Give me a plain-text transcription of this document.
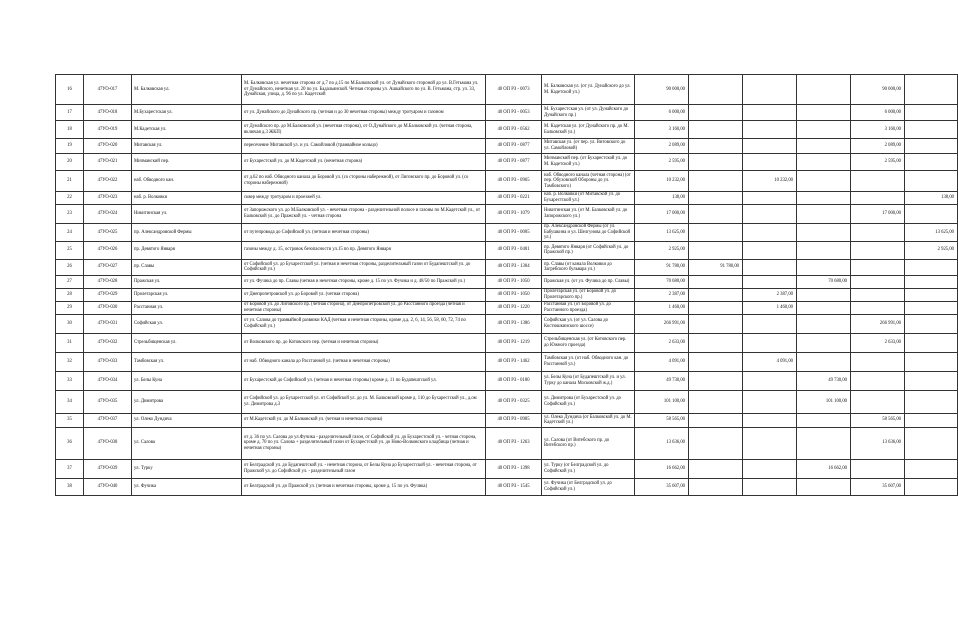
16	47УО-017	М. Балковская ул.	М. Балковская ул. нечетная сторона от д.7 по д.15 по М.Балковской ул. от Дунайского стороной до ул. В.Гетьмана ул. от Дунайского, нечетная ул. 20 по ул. Бадальянской. Четная стороны ул. Ашкайского по ул. В. Гетьмана, стр. ул. 33, Дунайская, улица, д. 96 по ул. Кадетской	40 ОП РЗ - 0073	М. Балковская ул. (от ул. Дунайского до ул. М. Кадетской ул.)	90 000,00				90 000,00	
17	47УО-018	М.Бухарестская ул.	от ул. Дунайского до Дунайского пр. (четная и до 30 нечетная стороны) между тротуаром и газоном	40 ОП РЗ - 0053	М. Бухарестская ул. (от ул. Дунайского до Дунайского пр.)	6 000,00				6 000,00	
18	47УО-019	М.Кадетская ул.	от Дунайского пр. до М.Балковской ул. (нечетная сторона), от О.Дунайского до М.Балковской ул. (четная сторона, включая д.3 ЖКП)	40 ОП РЗ - 0562	М. Кадетская ул. (от Дунайского пр. до М. Балковской ул.)	3 160,00				3 160,00	
19	47УО-020	Митавская ул.	пересечение Митавской ул. и ул. Самойловой (трамвайное кольцо)	40 ОП РЗ - 0877	Митавская ул. (от пер. ул. Витовского до ул. Самойловой)	2 089,00				2 089,00	
20	47УО-021	Мичманский пер.	от Бухарестской ул. до М.Кадетской ул. (нечетная сторона)	40 ОП РЗ - 0877	Мичманский пер. (от Бухарестской ул. до М. Кадетской ул.)	2 595,00				2 595,00	
21	47УО-022	наб. Обводного кан.	от д.62 по наб. Обводного канала до Боровой ул. (со стороны набережной), от Лиговского пр. до Боровой ул. (со стороны набережной)	40 ОП РЗ - 0965	наб. Обводного канала (четная сторона) (от пер. Обуховской Обороны до ул. Тамбовского)	10 232,00		10 232,00			
22	47УО-023	наб. р. Волковки	сквер между тротуаром и проезжей ул.	40 ОП РЗ - 0221	наб. р. Волковки (от Митавской ул. до Бухарестской ул.)	138,00					138,00
23	47УО-024	Никитинская ул.	от Запорожского ул. до М.Балковской ул. - нечетная сторона - разделительной полосе и газоны по М.Кадетской ул., от Балковской ул. до Пражской ул. - четная сторона	40 ОП РЗ - 1079	Никитинская ул. (от М. Балковской ул. до Запорожского ул.)	17 000,00				17 000,00	
24	47УО-025	пр. Александровской Фермы	от путепровода до Софийской ул. (четная и нечетная стороны)	40 ОП РЗ - 0005	пр. Александровской Фермы (от ул. Бабушкина и ул. Шелгунова до Софийской ул.)	13 625,00					13 625,00
25	47УО-026	пр. Девятого Января	газоны между д. 15, островок безопасности ул.15 по пр. Девятого Января	40 ОП РЗ - 0401	пр. Девятого Января (от Софийской ул. до Пражской пр.)	2 925,00					2 925,00
26	47УО-027	пр. Славы	от Софийской ул. до Бухарестской ул. (четная и нечетная стороны, разделительный газон от Будапештской ул. до Софийской ул.)	40 ОП РЗ - 1304	пр. Славы (от канала Волковки до Загребского бульвара ул.)	91 780,00	91 780,00				
27	47УО-028	Пражская ул.	от ул. Фучика до пр. Славы (четная и нечетная стороны, кроме д. 15 по ул. Фучика и д. 48/50 по Пражской ул.)	40 ОП РЗ - 1050	Пражская ул. (от ул. Фучика до пр. Славы)	70 680,00			70 680,00		
28	47УО-029	Пролетарская ул.	от Днепропетровской ул. до Боровой ул. (четная сторона)	40 ОП РЗ - 1050	Пролетарская ул. (от Боровой ул. до Пролетарского пр.)	2 387,00		2 387,00			
29	47УО-030	Расстанная ул.	от Боровой ул. до Лиговского пр. (четная сторона), от Днепропетровской ул. до Расстанного проезда (четная и нечетная стороны)	40 ОП РЗ - 1220	Расстанная ул. (от Боровой ул. до Расстанного проезда)	1 460,00		1 460,00			
30	47УО-031	Софийская ул.	от ул. Салова до трамвайной развязки КАД (четная и нечетная стороны, кроме д.д. 2, 6, 14, 56, 58, 60, 72, 74 по Софийской ул.)	40 ОП РЗ - 1386	Софийская ул. (от ул. Салова до Костюшкинского шоссе)	266 991,00				266 991,00	
31	47УО-032	Стрельбищенская ул.	от Волковского пр. до Котовского пер. (четная и нечетная стороны)	40 ОП РЗ - 1219	Стрельбищенская ул. (от Котовского пер. до Южного проезда)	2 633,00				2 633,00	
32	47УО-033	Тамбовская ул.	от наб. Обводного канала до Расстанной ул. (четная и нечетная стороны)	40 ОП РЗ - 1462	Тамбовская ул. (от наб. Обводного кан. до Расстанной ул.)	4 091,00		4 091,00			
33	47УО-034	ул. Белы Куна	от Бухарестской до Софийской ул. (четная и нечетная стороны) кроме д. 11 по Будапештской ул.	40 ОП РЗ - 0180	ул. Белы Куна (от Будапештской ул. и ул. Турку до канала Московской ж.д.)	49 730,00			49 730,00		
34	47УО-035	ул. Димитрова	от Софийской ул. до Бухарестской ул. от Софийской ул. до ул. М. Балковской кроме д. 110 до Бухарестской ул., д.ом ул. Димитрова д.3	40 ОП РЗ - 0325	ул. Димитрова (от Бухарестской ул. до Софийской ул.)	101 100,00			101 100,00		
35	47УО-037	ул. Олеко Дундича	от М.Кадетской ул. до М.Балковской ул. (четная и нечетная стороны)	40 ОП РЗ - 0985	ул. Олеко Дундича (от Балковской ул. до М. Кадетской ул.)	58 565,00				58 565,00	
36	47УО-038	ул. Салова	от д. 36 по ул. Салова до ул.Фучика - разделительный газон, от Софийской ул. до Бухарестской ул. - четная сторона, кроме д. 70 по ул. Салова + разделительный газон от Бухарестской ул. до Ново-Волковского кладбища (четная и нечетная стороны)	40 ОП РЗ - 1263	ул. Салова (от Витебского пр. до Витебского пр.)	13 636,00				13 636,00	
37	47УО-039	ул. Турку	от Белградской ул. до Будапештской ул. - нечетная сторона, от Белы Куна до Бухарестской ул. - нечетная сторона, от Пражской ул. до Софийской ул. - разделительный газон	40 ОП РЗ - 1398	ул. Турку (от Белградской ул. до Софийской ул.)	16 662,00			16 662,00		
38	47УО-040	ул. Фучика	от Белградской ул. до Пражской ул. (четная и нечетная стороны, кроме д. 15 по ул. Фучика)	40 ОП РЗ - 1545	ул. Фучика (от Белградской ул. до Софийской ул.)	35 607,00				35 607,00	
